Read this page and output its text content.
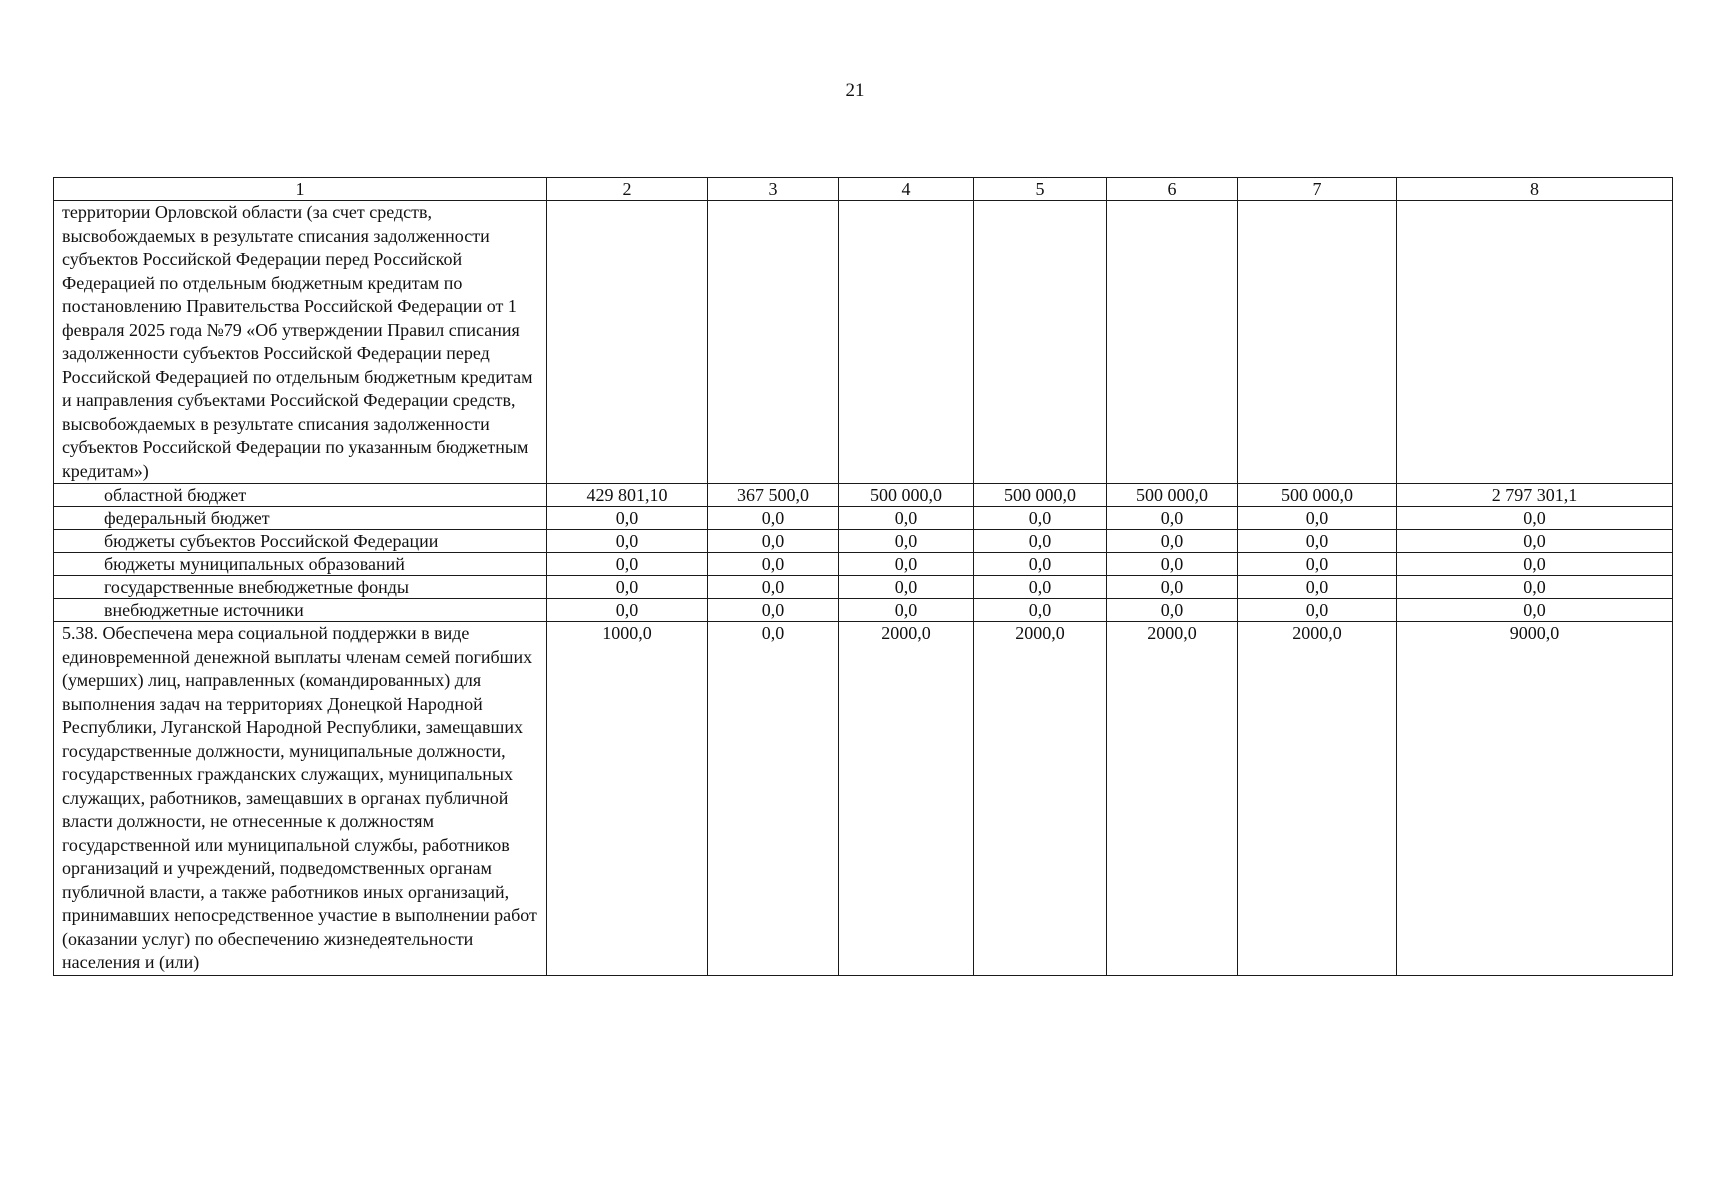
21
1	2	3	4	5	6	7	8
территории Орловской области (за счет средств, высвобождаемых в результате списания задолженности субъектов Российской Федерации перед Российской Федерацией по отдельным бюджетным кредитам по постановлению Правительства Российской Федерации от 1 февраля 2025 года №79 «Об утверждении Правил списания задолженности субъектов Российской Федерации перед Российской Федерацией по отдельным бюджетным кредитам и направления субъектами Российской Федерации средств, высвобождаемых в результате списания задолженности субъектов Российской Федерации по указанным бюджетным кредитам»)							
областной бюджет	429 801,10	367 500,0	500 000,0	500 000,0	500 000,0	500 000,0	2 797 301,1
федеральный бюджет	0,0	0,0	0,0	0,0	0,0	0,0	0,0
бюджеты субъектов Российской Федерации	0,0	0,0	0,0	0,0	0,0	0,0	0,0
бюджеты муниципальных образований	0,0	0,0	0,0	0,0	0,0	0,0	0,0
государственные внебюджетные фонды	0,0	0,0	0,0	0,0	0,0	0,0	0,0
внебюджетные источники	0,0	0,0	0,0	0,0	0,0	0,0	0,0
5.38. Обеспечена мера социальной поддержки в виде единовременной денежной выплаты членам семей погибших (умерших) лиц, направленных (командированных) для выполнения задач на территориях Донецкой Народной Республики, Луганской Народной Республики, замещавших государственные должности, муниципальные должности, государственных гражданских служащих, муниципальных служащих, работников, замещавших в органах публичной власти должности, не отнесенные к должностям государственной или муниципальной службы, работников организаций и учреждений, подведомственных органам публичной власти, а также работников иных организаций, принимавших непосредственное участие в выполнении работ (оказании услуг) по обеспечению жизнедеятельности населения и (или)	1000,0	0,0	2000,0	2000,0	2000,0	2000,0	9000,0
